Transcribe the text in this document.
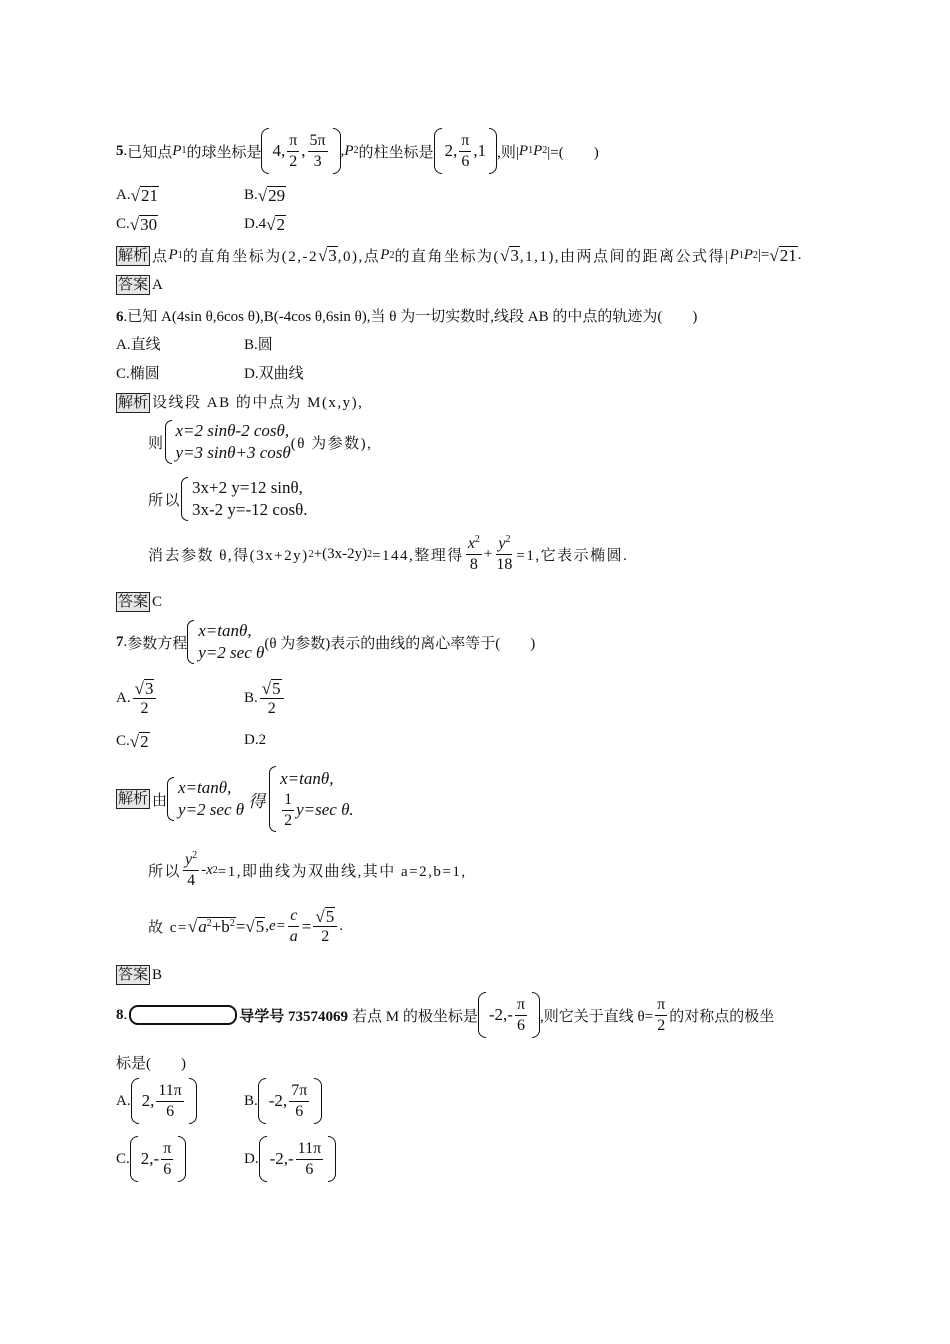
5 . 已知点 P 1 的球坐标是 4 , $\frac{\pi}{2}$ , $\frac{5\pi}{3}$ , P 2 的柱坐标是 2 , $\frac{\pi}{6}$ , 1 ,则| P 1 P 2 |=(　　)
A. √ 21	B. √ 29
C. √ 30	D.4 √ 2
解析 点 P 1 的直角坐标为(2,-2 √ 3 ,0),点 P 2 的直角坐标为( √ 3 ,1,1),由两点间的距离公式得| P 1 P 2 |= √ 21 .
答案 A
6.已知 A(4sin θ,6cos θ),B(-4cos θ,6sin θ),当 θ 为一切实数时,线段 AB 的中点的轨迹为(　　)
A.直线	B.圆
C.椭圆	D.双曲线
解析 设线段 AB 的中点为 M(x,y),
则
x=2 sinθ-2 cosθ,
y=3 sinθ+3 cosθ (θ 为参数),
所以
3x+2 y=12 sinθ,
3x-2 y=-12 cosθ.
消去参数 θ,得(3x+2y) 2 +(3x-2y) 2 =144,整理得 $\frac{x^2}{8} + \frac{y^2}{18} =1$,它表示椭圆.
答案 C
7 . 参数方程
x=tanθ,
y=2 sec θ (θ 为参数)表示的曲线的离心率等于(　　)
A. $\frac{√ 3}{2}$	B. $\frac{√ 5}{2}$
C. √ 2	D.2
解析 由
x=tanθ,
y=2 sec θ 得
x=tanθ,
$\frac{1}{2} y=\sec$ θ.
所以 $\frac{y^2}{4} -x$ 2 =1,即曲线为双曲线,其中 a=2,b=1,
故 c= √ $a^2+b^2$ = √ 5 $,e= \frac{c}{a} = \frac{√ 5}{2}$ .
答案 B
8 .	导学号 73574069 若点 M 的极坐标是 $-2,- \frac{\pi}{6}$ ,则它关于直线 $\theta= \frac{\pi}{2}$ 的对称点的极坐
标是(　　)
A. 2, $\frac{11\pi}{6}$	B. -2, $\frac{7\pi}{6}$
C. $2,- \frac{\pi}{6}$	D. $-2,- \frac{11\pi}{6}$
